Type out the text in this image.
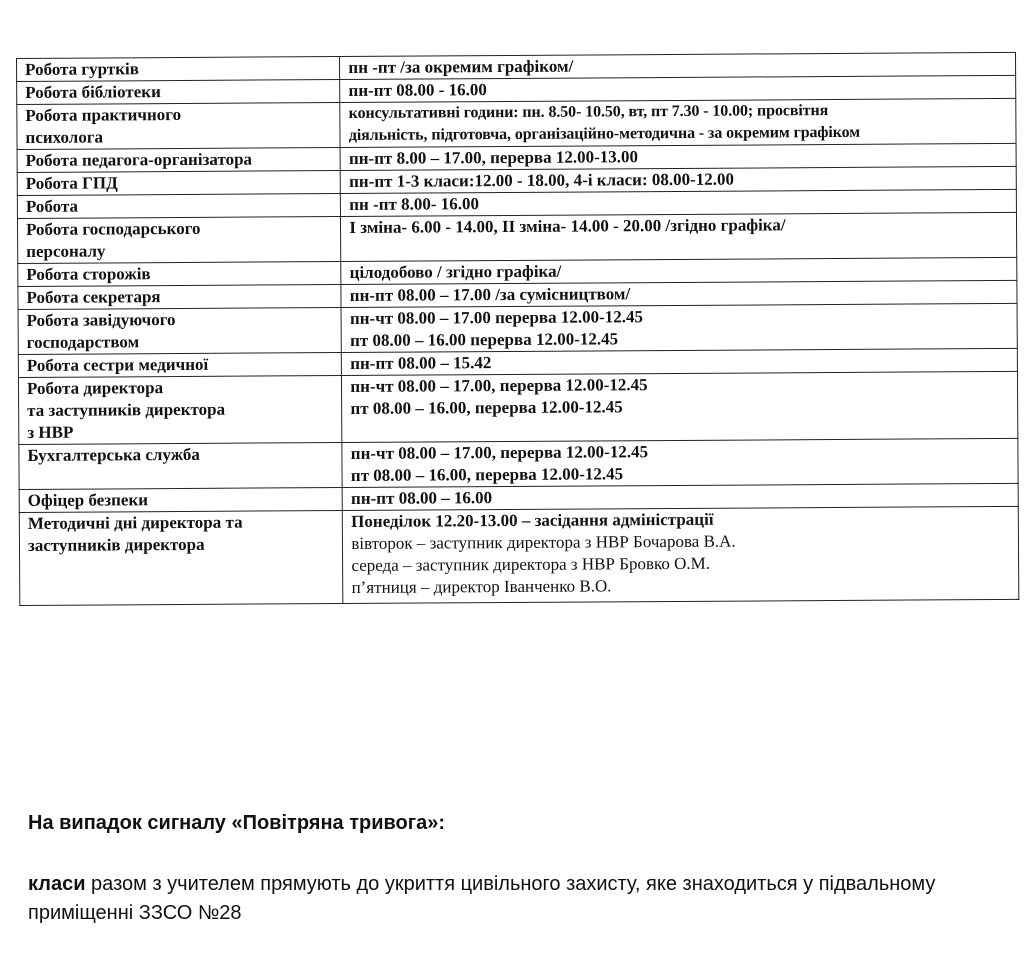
Робота гуртків	пн -пт /за окремим графіком/
Робота бібліотеки	пн-пт 08.00 - 16.00
Робота практичного
психолога	консультативні години: пн. 8.50- 10.50, вт, пт 7.30 - 10.00; просвітня
діяльність, підготовча, організаційно-методична - за окремим графіком
Робота педагога-організатора	пн-пт 8.00 – 17.00, перерва 12.00-13.00
Робота ГПД	пн-пт 1-3 класи:12.00 - 18.00, 4-і класи: 08.00-12.00
Робота	пн -пт 8.00- 16.00
Робота господарського
персоналу	І зміна- 6.00 - 14.00, ІІ зміна- 14.00 - 20.00 /згідно графіка/
Робота сторожів	цілодобово / згідно графіка/
Робота секретаря	пн-пт 08.00 – 17.00 /за сумісництвом/
Робота завідуючого
господарством	пн-чт 08.00 – 17.00 перерва 12.00-12.45
пт 08.00 – 16.00 перерва 12.00-12.45
Робота сестри медичної	пн-пт 08.00 – 15.42
Робота директора
та заступників директора
з НВР	пн-чт 08.00 – 17.00, перерва 12.00-12.45
пт 08.00 – 16.00, перерва 12.00-12.45
Бухгалтерська служба	пн-чт 08.00 – 17.00, перерва 12.00-12.45
пт 08.00 – 16.00, перерва 12.00-12.45
Офіцер безпеки	пн-пт 08.00 – 16.00
Методичні дні директора та
заступників директора	Понеділок 12.20-13.00 – засідання адміністрації
вівторок – заступник директора з НВР Бочарова В.А.
середа – заступник директора з НВР Бровко О.М.
п’ятниця – директор Іванченко В.О.

На випадок сигналу «Повітряна тривога»:

класи разом з учителем прямують до укриття цивільного захисту, яке знаходиться у підвальному приміщенні ЗЗСО №28
